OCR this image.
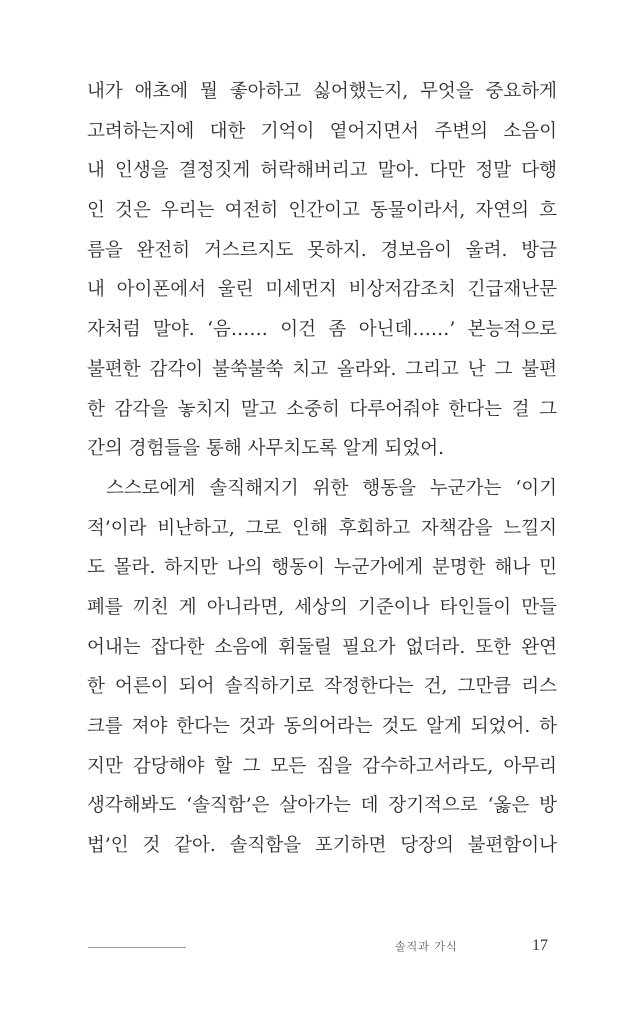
내가 애초에 뭘 좋아하고 싫어했는지, 무엇을 중요하게
고려하는지에 대한 기억이 옅어지면서 주변의 소음이
내 인생을 결정짓게 허락해버리고 말아. 다만 정말 다행
인 것은 우리는 여전히 인간이고 동물이라서, 자연의 흐
름을 완전히 거스르지도 못하지. 경보음이 울려. 방금
내 아이폰에서 울린 미세먼지 비상저감조치 긴급재난문
자처럼 말야. ‘음…… 이건 좀 아닌데……’ 본능적으로
불편한 감각이 불쑥불쑥 치고 올라와. 그리고 난 그 불편
한 감각을 놓치지 말고 소중히 다루어줘야 한다는 걸 그
간의 경험들을 통해 사무치도록 알게 되었어.
스스로에게 솔직해지기 위한 행동을 누군가는 ‘이기
적’이라 비난하고, 그로 인해 후회하고 자책감을 느낄지
도 몰라. 하지만 나의 행동이 누군가에게 분명한 해나 민
폐를 끼친 게 아니라면, 세상의 기준이나 타인들이 만들
어내는 잡다한 소음에 휘둘릴 필요가 없더라. 또한 완연
한 어른이 되어 솔직하기로 작정한다는 건, 그만큼 리스
크를 져야 한다는 것과 동의어라는 것도 알게 되었어. 하
지만 감당해야 할 그 모든 짐을 감수하고서라도, 아무리
생각해봐도 ‘솔직함’은 살아가는 데 장기적으로 ‘옳은 방
법’인 것 같아. 솔직함을 포기하면 당장의 불편함이나
솔직과 가식	17
